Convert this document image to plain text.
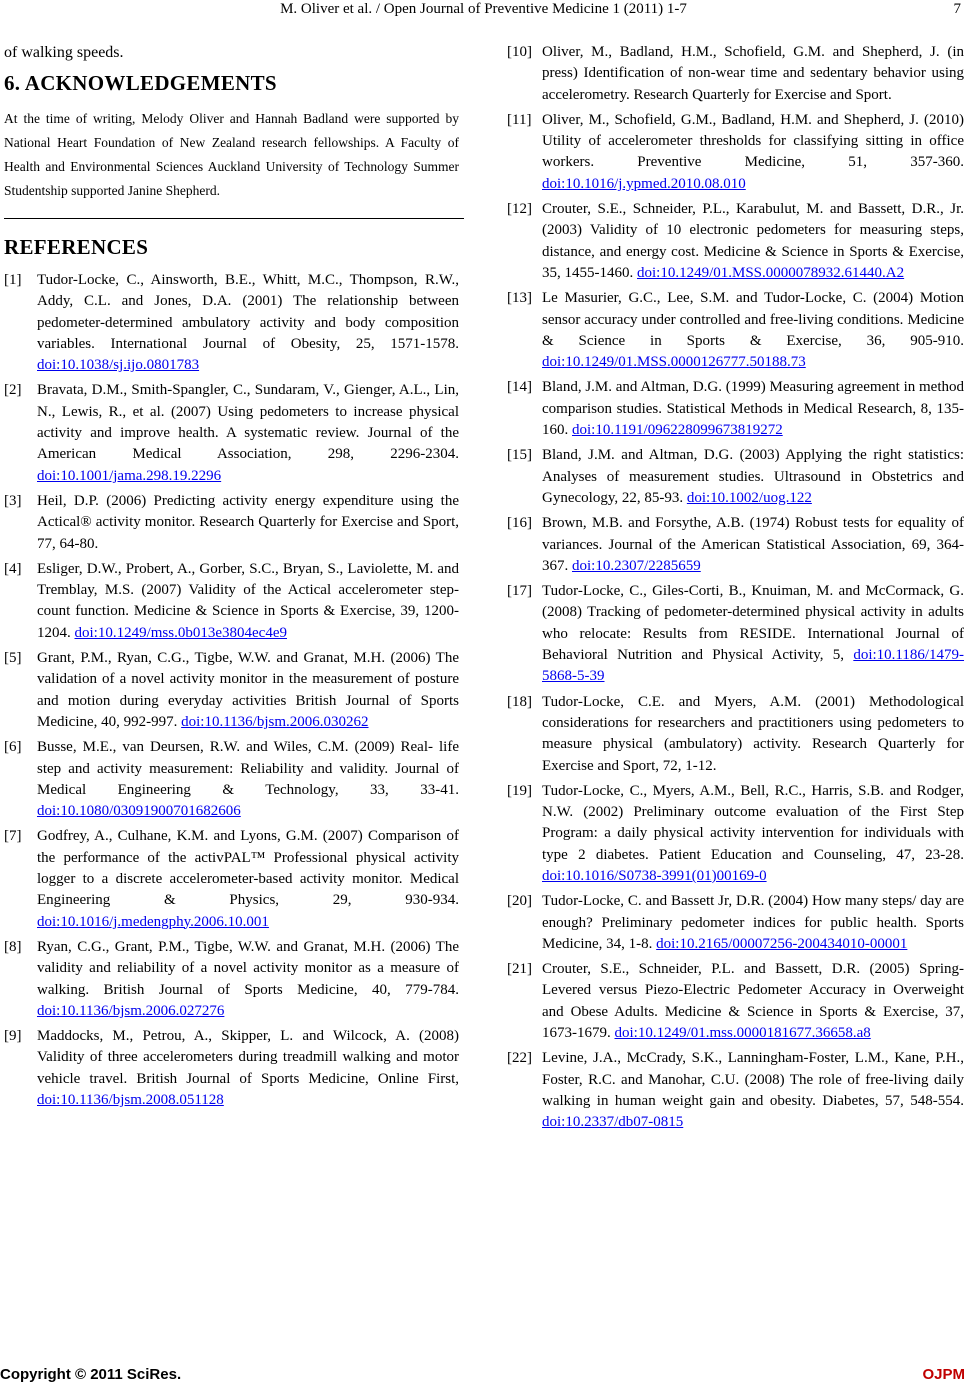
M. Oliver et al. / Open Journal of Preventive Medicine 1 (2011) 1-7	7

of walking speeds.

6. ACKNOWLEDGEMENTS

At the time of writing, Melody Oliver and Hannah Badland were supported by National Heart Foundation of New Zealand research fellowships. A Faculty of Health and Environmental Sciences Auckland University of Technology Summer Studentship supported Janine Shepherd.

REFERENCES

[1] Tudor-Locke, C., Ainsworth, B.E., Whitt, M.C., Thompson, R.W., Addy, C.L. and Jones, D.A. (2001) The relationship between pedometer-determined ambulatory activity and body composition variables. International Journal of Obesity, 25, 1571-1578. doi:10.1038/sj.ijo.0801783

[2] Bravata, D.M., Smith-Spangler, C., Sundaram, V., Gienger, A.L., Lin, N., Lewis, R., et al. (2007) Using pedometers to increase physical activity and improve health. A systematic review. Journal of the American Medical Association, 298, 2296-2304. doi:10.1001/jama.298.19.2296

[3] Heil, D.P. (2006) Predicting activity energy expenditure using the Actical® activity monitor. Research Quarterly for Exercise and Sport, 77, 64-80.

[4] Esliger, D.W., Probert, A., Gorber, S.C., Bryan, S., Laviolette, M. and Tremblay, M.S. (2007) Validity of the Actical accelerometer step-count function. Medicine & Science in Sports & Exercise, 39, 1200-1204. doi:10.1249/mss.0b013e3804ec4e9

[5] Grant, P.M., Ryan, C.G., Tigbe, W.W. and Granat, M.H. (2006) The validation of a novel activity monitor in the measurement of posture and motion during everyday activities British Journal of Sports Medicine, 40, 992-997. doi:10.1136/bjsm.2006.030262

[6] Busse, M.E., van Deursen, R.W. and Wiles, C.M. (2009) Real- life step and activity measurement: Reliability and validity. Journal of Medical Engineering & Technology, 33, 33-41. doi:10.1080/03091900701682606

[7] Godfrey, A., Culhane, K.M. and Lyons, G.M. (2007) Comparison of the performance of the activPAL™ Professional physical activity logger to a discrete accelerometer-based activity monitor. Medical Engineering & Physics, 29, 930-934. doi:10.1016/j.medengphy.2006.10.001

[8] Ryan, C.G., Grant, P.M., Tigbe, W.W. and Granat, M.H. (2006) The validity and reliability of a novel activity monitor as a measure of walking. British Journal of Sports Medicine, 40, 779-784. doi:10.1136/bjsm.2006.027276

[9] Maddocks, M., Petrou, A., Skipper, L. and Wilcock, A. (2008) Validity of three accelerometers during treadmill walking and motor vehicle travel. British Journal of Sports Medicine, Online First, doi:10.1136/bjsm.2008.051128

[10] Oliver, M., Badland, H.M., Schofield, G.M. and Shepherd, J. (in press) Identification of non-wear time and sedentary behavior using accelerometry. Research Quarterly for Exercise and Sport.

[11] Oliver, M., Schofield, G.M., Badland, H.M. and Shepherd, J. (2010) Utility of accelerometer thresholds for classifying sitting in office workers. Preventive Medicine, 51, 357-360. doi:10.1016/j.ypmed.2010.08.010

[12] Crouter, S.E., Schneider, P.L., Karabulut, M. and Bassett, D.R., Jr. (2003) Validity of 10 electronic pedometers for measuring steps, distance, and energy cost. Medicine & Science in Sports & Exercise, 35, 1455-1460. doi:10.1249/01.MSS.0000078932.61440.A2

[13] Le Masurier, G.C., Lee, S.M. and Tudor-Locke, C. (2004) Motion sensor accuracy under controlled and free-living conditions. Medicine & Science in Sports & Exercise, 36, 905-910. doi:10.1249/01.MSS.0000126777.50188.73

[14] Bland, J.M. and Altman, D.G. (1999) Measuring agreement in method comparison studies. Statistical Methods in Medical Research, 8, 135-160. doi:10.1191/096228099673819272

[15] Bland, J.M. and Altman, D.G. (2003) Applying the right statistics: Analyses of measurement studies. Ultrasound in Obstetrics and Gynecology, 22, 85-93. doi:10.1002/uog.122

[16] Brown, M.B. and Forsythe, A.B. (1974) Robust tests for equality of variances. Journal of the American Statistical Association, 69, 364-367. doi:10.2307/2285659

[17] Tudor-Locke, C., Giles-Corti, B., Knuiman, M. and McCormack, G. (2008) Tracking of pedometer-determined physical activity in adults who relocate: Results from RESIDE. International Journal of Behavioral Nutrition and Physical Activity, 5, doi:10.1186/1479-5868-5-39

[18] Tudor-Locke, C.E. and Myers, A.M. (2001) Methodological considerations for researchers and practitioners using pedometers to measure physical (ambulatory) activity. Research Quarterly for Exercise and Sport, 72, 1-12.

[19] Tudor-Locke, C., Myers, A.M., Bell, R.C., Harris, S.B. and Rodger, N.W. (2002) Preliminary outcome evaluation of the First Step Program: a daily physical activity intervention for individuals with type 2 diabetes. Patient Education and Counseling, 47, 23-28. doi:10.1016/S0738-3991(01)00169-0

[20] Tudor-Locke, C. and Bassett Jr, D.R. (2004) How many steps/ day are enough? Preliminary pedometer indices for public health. Sports Medicine, 34, 1-8. doi:10.2165/00007256-200434010-00001

[21] Crouter, S.E., Schneider, P.L. and Bassett, D.R. (2005) Spring-Levered versus Piezo-Electric Pedometer Accuracy in Overweight and Obese Adults. Medicine & Science in Sports & Exercise, 37, 1673-1679. doi:10.1249/01.mss.0000181677.36658.a8

[22] Levine, J.A., McCrady, S.K., Lanningham-Foster, L.M., Kane, P.H., Foster, R.C. and Manohar, C.U. (2008) The role of free-living daily walking in human weight gain and obesity. Diabetes, 57, 548-554. doi:10.2337/db07-0815

Copyright © 2011 SciRes.	OJPM
